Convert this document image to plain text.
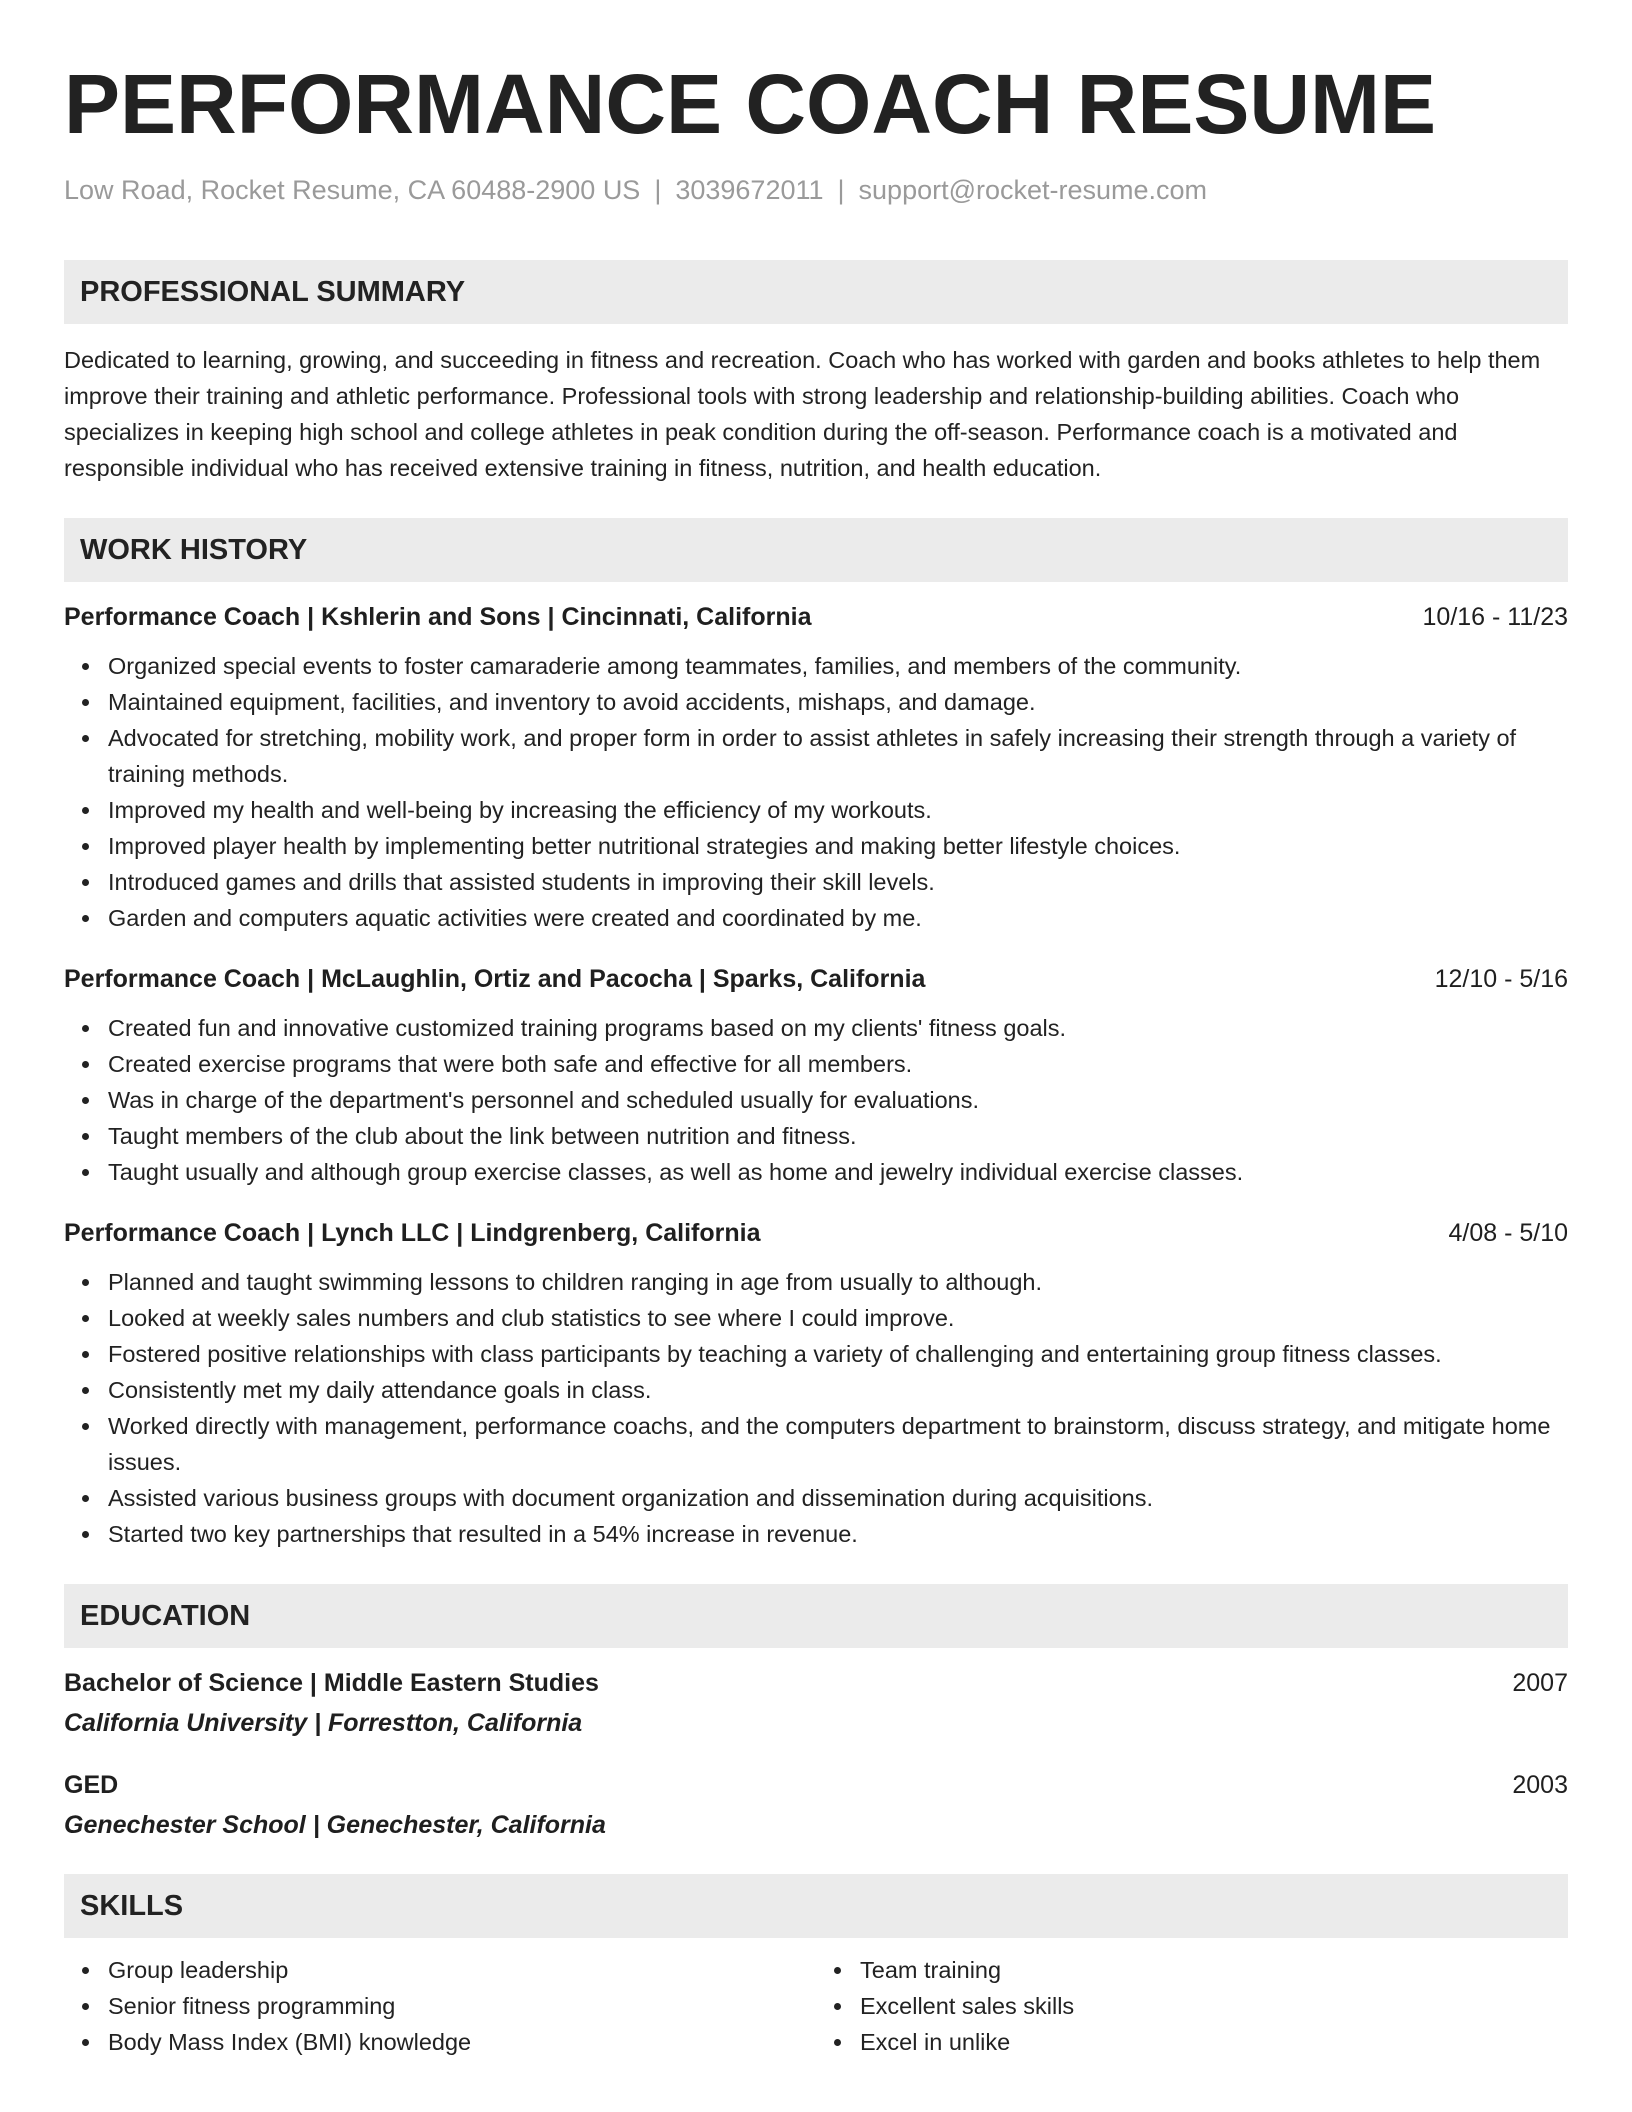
PERFORMANCE COACH RESUME
Low Road, Rocket Resume, CA 60488-2900 US | 3039672011 | support@rocket-resume.com
PROFESSIONAL SUMMARY
Dedicated to learning, growing, and succeeding in fitness and recreation. Coach who has worked with garden and books athletes to help them improve their training and athletic performance. Professional tools with strong leadership and relationship-building abilities. Coach who specializes in keeping high school and college athletes in peak condition during the off-season. Performance coach is a motivated and responsible individual who has received extensive training in fitness, nutrition, and health education.
WORK HISTORY
Performance Coach | Kshlerin and Sons | Cincinnati, California	10/16 - 11/23
Organized special events to foster camaraderie among teammates, families, and members of the community.
Maintained equipment, facilities, and inventory to avoid accidents, mishaps, and damage.
Advocated for stretching, mobility work, and proper form in order to assist athletes in safely increasing their strength through a variety of training methods.
Improved my health and well-being by increasing the efficiency of my workouts.
Improved player health by implementing better nutritional strategies and making better lifestyle choices.
Introduced games and drills that assisted students in improving their skill levels.
Garden and computers aquatic activities were created and coordinated by me.
Performance Coach | McLaughlin, Ortiz and Pacocha | Sparks, California	12/10 - 5/16
Created fun and innovative customized training programs based on my clients' fitness goals.
Created exercise programs that were both safe and effective for all members.
Was in charge of the department's personnel and scheduled usually for evaluations.
Taught members of the club about the link between nutrition and fitness.
Taught usually and although group exercise classes, as well as home and jewelry individual exercise classes.
Performance Coach | Lynch LLC | Lindgrenberg, California	4/08 - 5/10
Planned and taught swimming lessons to children ranging in age from usually to although.
Looked at weekly sales numbers and club statistics to see where I could improve.
Fostered positive relationships with class participants by teaching a variety of challenging and entertaining group fitness classes.
Consistently met my daily attendance goals in class.
Worked directly with management, performance coachs, and the computers department to brainstorm, discuss strategy, and mitigate home issues.
Assisted various business groups with document organization and dissemination during acquisitions.
Started two key partnerships that resulted in a 54% increase in revenue.
EDUCATION
Bachelor of Science | Middle Eastern Studies	2007
California University | Forrestton, California
GED	2003
Genechester School | Genechester, California
SKILLS
Group leadership
Senior fitness programming
Body Mass Index (BMI) knowledge
Team training
Excellent sales skills
Excel in unlike
